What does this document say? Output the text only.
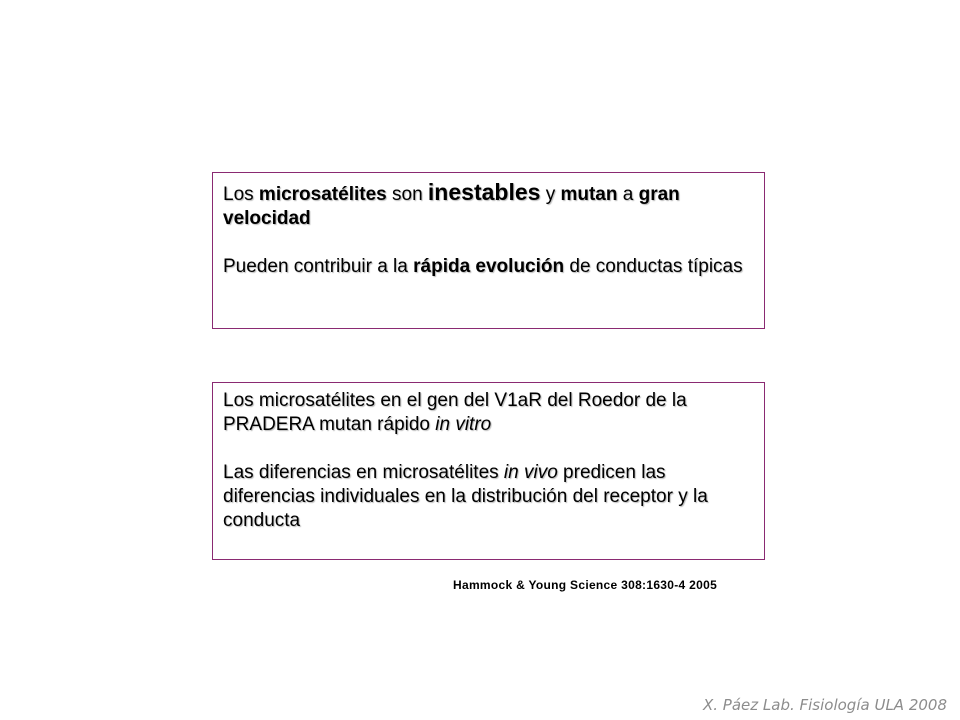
Los microsatélites son inestables y mutan a gran velocidad

Pueden contribuir a la rápida evolución de conductas típicas

Los microsatélites en el gen del V1aR del Roedor de la PRADERA mutan rápido in vitro

Las diferencias en microsatélites in vivo predicen las diferencias individuales en la distribución del receptor y la conducta

Hammock & Young Science 308:1630-4 2005
X. Páez Lab. Fisiología ULA 2008
